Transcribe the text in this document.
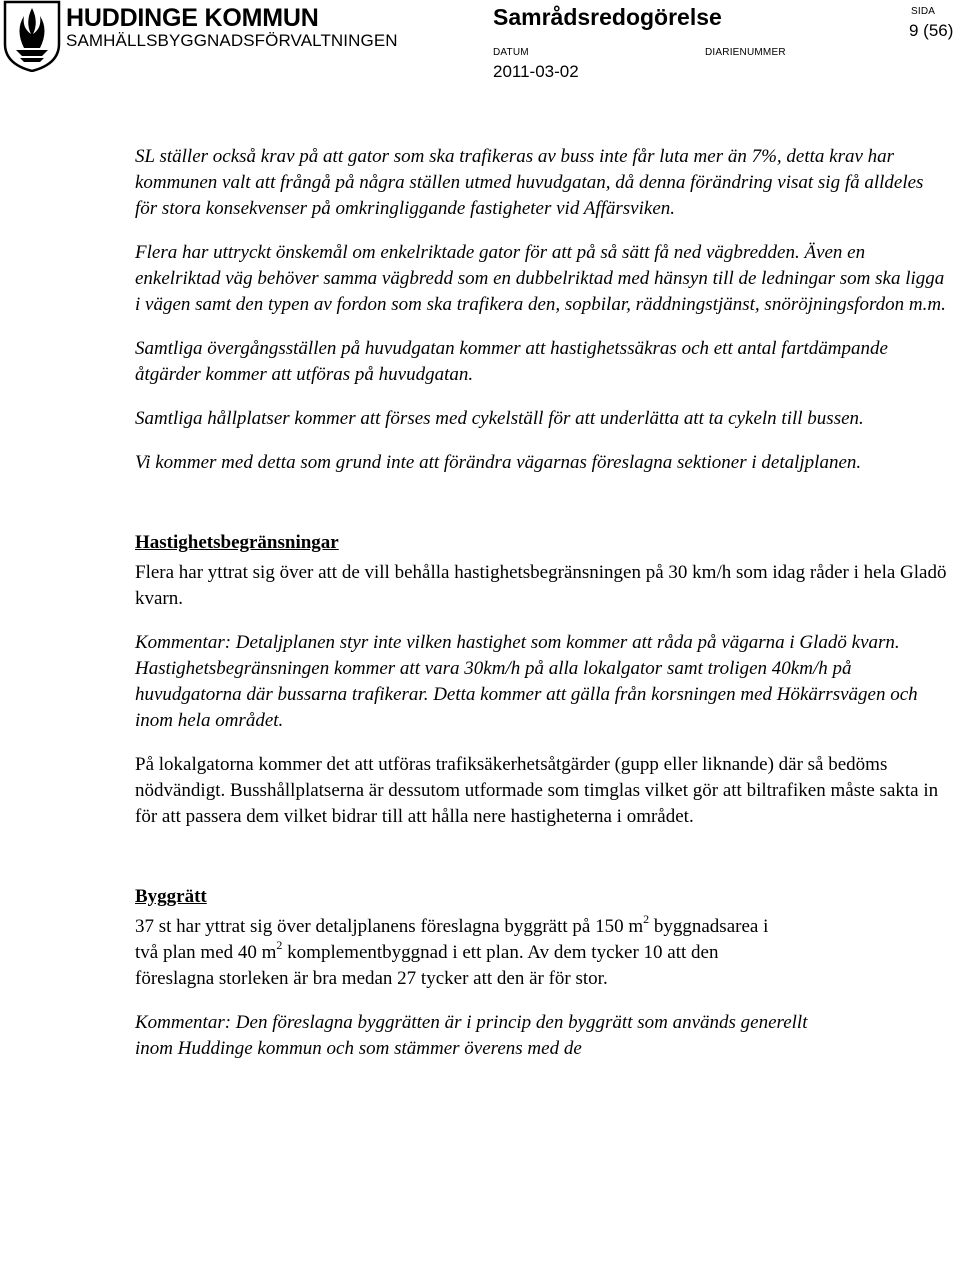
HUDDINGE KOMMUN
SAMHÄLLSBYGGNADSFÖRVALTNINGEN
Samrådsredogörelse	SIDA
9 (56)
DATUM	DIARIENUMMER
2011-03-02

SL ställer också krav på att gator som ska trafikeras av buss inte får luta mer än 7%, detta krav har kommunen valt att frångå på några ställen utmed huvudgatan, då denna förändring visat sig få alldeles för stora konsekvenser på omkringliggande fastigheter vid Affärsviken.

Flera har uttryckt önskemål om enkelriktade gator för att på så sätt få ned vägbredden. Även en enkelriktad väg behöver samma vägbredd som en dubbelriktad med hänsyn till de ledningar som ska ligga i vägen samt den typen av fordon som ska trafikera den, sopbilar, räddningstjänst, snöröjningsfordon m.m.

Samtliga övergångsställen på huvudgatan kommer att hastighetssäkras och ett antal fartdämpande åtgärder kommer att utföras på huvudgatan.

Samtliga hållplatser kommer att förses med cykelställ för att underlätta att ta cykeln till bussen.

Vi kommer med detta som grund inte att förändra vägarnas föreslagna sektioner i detaljplanen.

Hastighetsbegränsningar

Flera har yttrat sig över att de vill behålla hastighetsbegränsningen på 30 km/h som idag råder i hela Gladö kvarn.

Kommentar: Detaljplanen styr inte vilken hastighet som kommer att råda på vägarna i Gladö kvarn. Hastighetsbegränsningen kommer att vara 30km/h på alla lokalgator samt troligen 40km/h på huvudgatorna där bussarna trafikerar. Detta kommer att gälla från korsningen med Hökärrsvägen och inom hela området.

På lokalgatorna kommer det att utföras trafiksäkerhetsåtgärder (gupp eller liknande) där så bedöms nödvändigt. Busshållplatserna är dessutom utformade som timglas vilket gör att biltrafiken måste sakta in för att passera dem vilket bidrar till att hålla nere hastigheterna i området.

Byggrätt

37 st har yttrat sig över detaljplanens föreslagna byggrätt på 150 $m^2$ byggnadsarea i två plan med 40 $m^2$ komplementbyggnad i ett plan. Av dem tycker 10 att den föreslagna storleken är bra medan 27 tycker att den är för stor.

Kommentar: Den föreslagna byggrätten är i princip den byggrätt som används generellt inom Huddinge kommun och som stämmer överens med de
